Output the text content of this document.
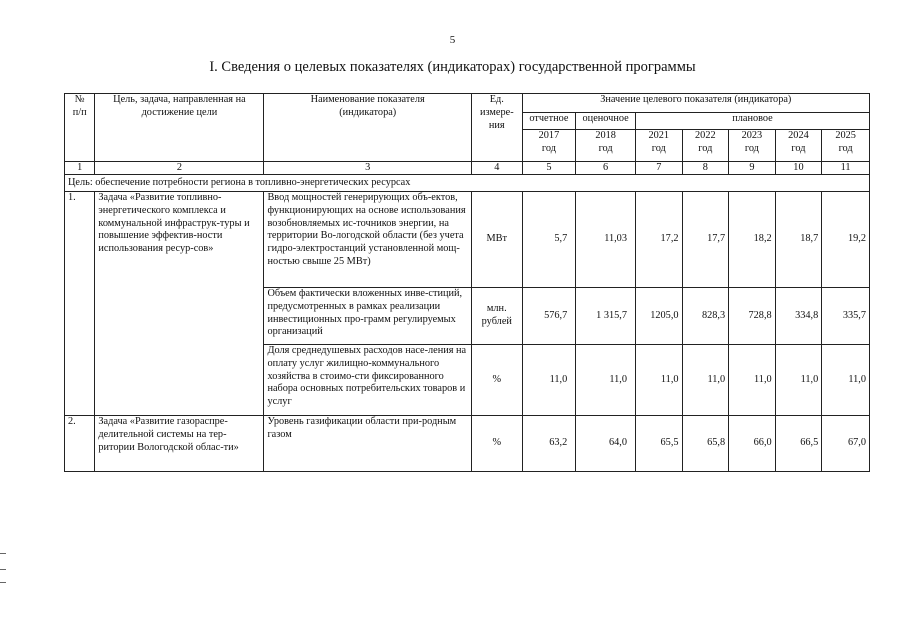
5
I. Сведения о целевых показателях (индикаторах) государственной программы
№
п/п	Цель, задача, направленная на достижение цели	Наименование показателя (индикатора)	Ед. измере-ния	Значение целевого показателя (индикатора)						
				отчетное	оценочное	плановое				
				2017 год	2018 год	2021 год	2022 год	2023 год	2024 год	2025 год
1	2	3	4	5	6	7	8	9	10	11
Цель: обеспечение потребности региона в топливно-энергетических ресурсах										
1.	Задача «Развитие топливно-энергетического комплекса и коммунальной инфраструк-туры и повышение эффектив-ности использования ресур-сов»	Ввод мощностей генерирующих объ-ектов, функционирующих на основе использования возобновляемых ис-точников энергии, на территории Во-логодской области (без учета гидро-электростанций установленной мощ-ностью свыше 25 МВт)	МВт	5,7	11,03	17,2	17,7	18,2	18,7	19,2
		Объем фактически вложенных инве-стиций, предусмотренных в рамках реализации инвестиционных про-грамм регулируемых организаций	млн. рублей	576,7	1 315,7	1205,0	828,3	728,8	334,8	335,7
		Доля среднедушевых расходов насе-ления на оплату услуг жилищно-коммунального хозяйства в стоимо-сти фиксированного набора основных потребительских товаров и услуг	%	11,0	11,0	11,0	11,0	11,0	11,0	11,0
2.	Задача «Развитие газораспре-делительной системы на тер-ритории Вологодской облас-ти»	Уровень газификации области при-родным газом	%	63,2	64,0	65,5	65,8	66,0	66,5	67,0
